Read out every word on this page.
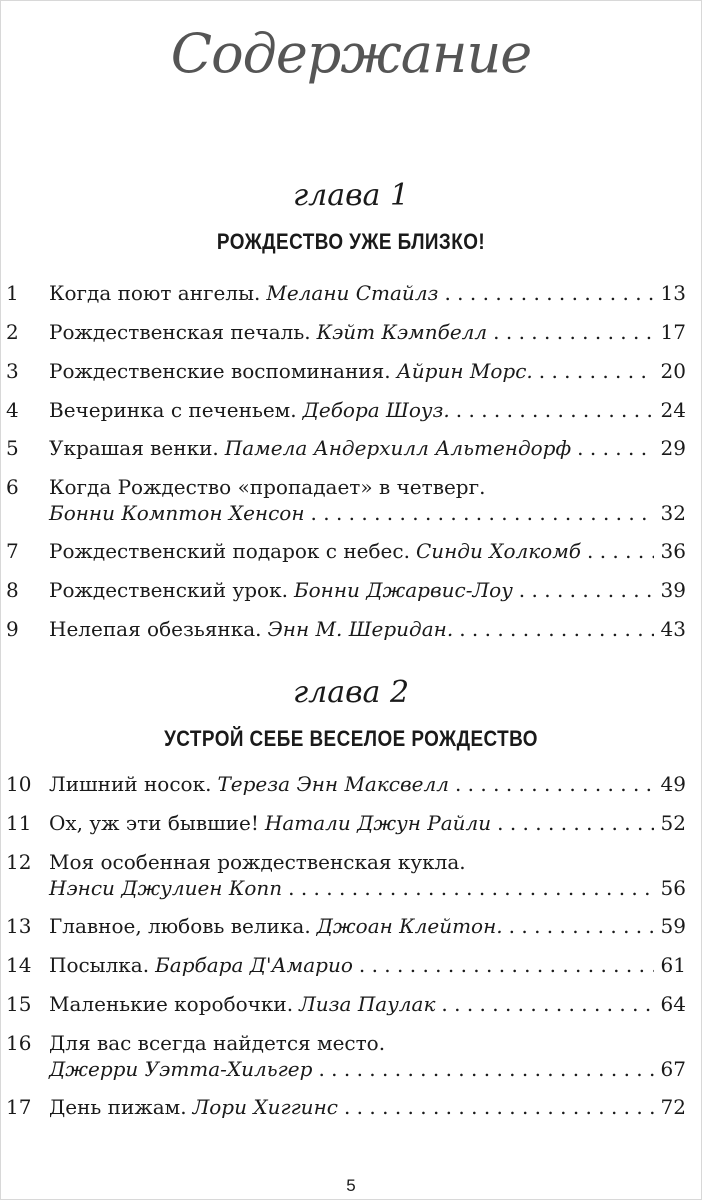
Содержание
глава 1
РОЖДЕСТВО УЖЕ БЛИЗКО!
1 Когда поют ангелы. Мелани Стайлз . . .	13
2 Рождественская печаль. Кэйт Кэмпбелл . . .	17
3 Рождественские воспоминания. Айрин Морс. . . .	20
4 Вечеринка с печеньем. Дебора Шоуз. . . .	24
5 Украшая венки. Памела Андерхилл Альтендорф . . .	29
6 Когда Рождество «пропадает» в четверг.
Бонни Комптон Хенсон . . .	32
7 Рождественский подарок с небес. Синди Холкомб . . .	36
8 Рождественский урок. Бонни Джарвис-Лоу . . .	39
9 Нелепая обезьянка. Энн М. Шеридан. . . .	43
глава 2
УСТРОЙ СЕБЕ ВЕСЕЛОЕ РОЖДЕСТВО
10 Лишний носок. Тереза Энн Максвелл . . .	49
11 Ох, уж эти бывшие! Натали Джун Райли . . .	52
12 Моя особенная рождественская кукла.
Нэнси Джулиен Копп . . .	56
13 Главное, любовь велика. Джоан Клейтон. . . .	59
14 Посылка. Барбара Д'Амарио . . .	61
15 Маленькие коробочки. Лиза Паулак . . .	64
16 Для вас всегда найдется место.
Джерри Уэтта-Хильгер . . .	67
17 День пижам. Лори Хиггинс . . .	72
5
